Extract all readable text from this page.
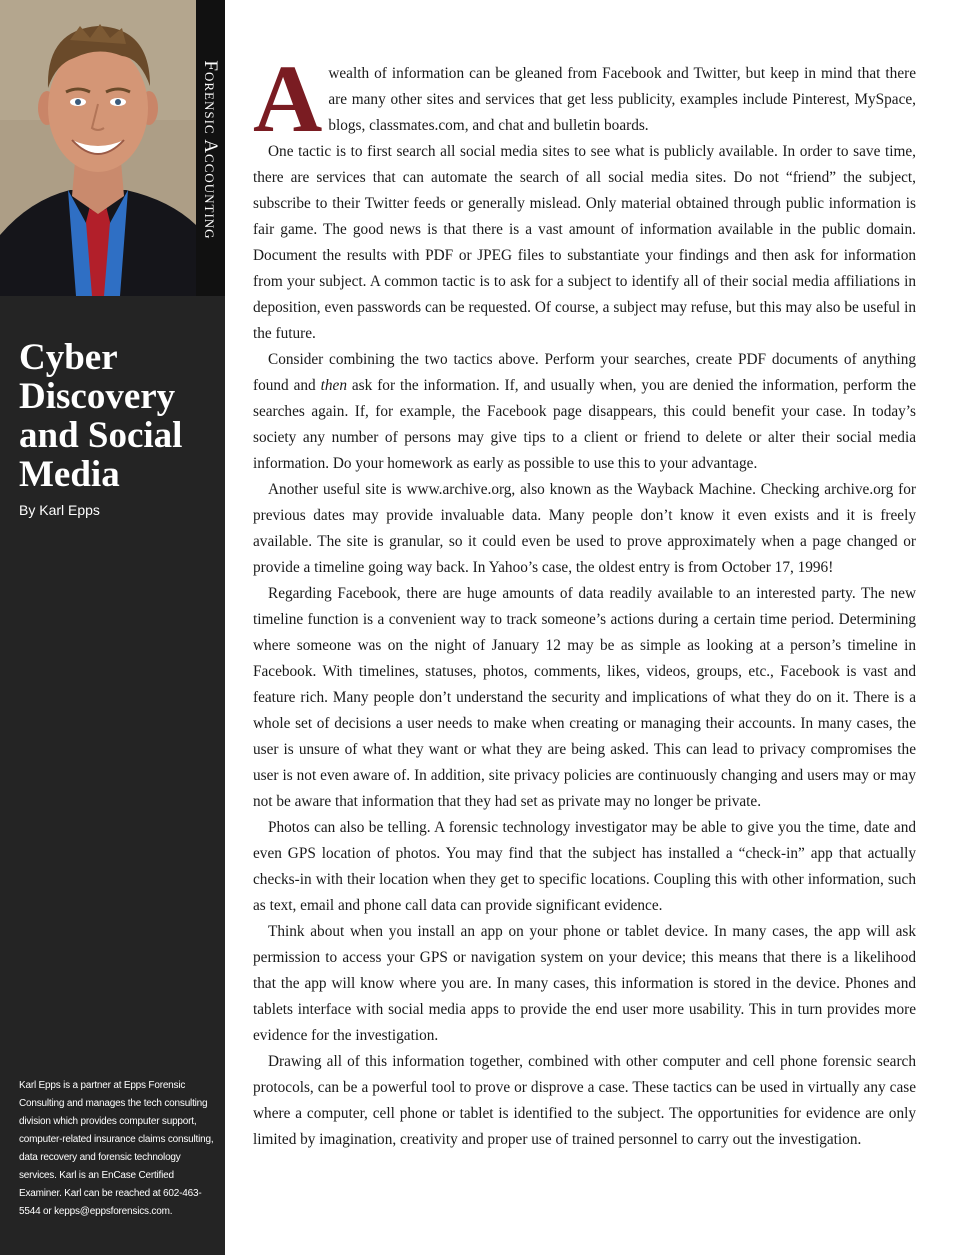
Forensic Accounting
Cyber Discovery and Social Media
By Karl Epps
Karl Epps is a partner at Epps Forensic Consulting and manages the tech consulting division which provides computer support, computer-related insurance claims consulting, data recovery and forensic technology services. Karl is an EnCase Certified Examiner. Karl can be reached at 602-463-5544 or kepps@eppsforensics.com.

Awealth of information can be gleaned from Facebook and Twitter, but keep in mind that there are many other sites and services that get less publicity, examples include Pinterest, MySpace, blogs, classmates.com, and chat and bulletin boards.

One tactic is to first search all social media sites to see what is publicly available. In order to save time, there are services that can automate the search of all social media sites. Do not “friend” the subject, subscribe to their Twitter feeds or generally mislead. Only material obtained through public information is fair game. The good news is that there is a vast amount of information available in the public domain. Document the results with PDF or JPEG files to substantiate your findings and then ask for information from your subject. A common tactic is to ask for a subject to identify all of their social media affiliations in deposition, even passwords can be requested. Of course, a subject may refuse, but this may also be useful in the future.

Consider combining the two tactics above. Perform your searches, create PDF documents of anything found and then ask for the information. If, and usually when, you are denied the information, perform the searches again. If, for example, the Facebook page disappears, this could benefit your case. In today’s society any number of persons may give tips to a client or friend to delete or alter their social media information. Do your homework as early as possible to use this to your advantage.

Another useful site is www.archive.org, also known as the Wayback Machine. Checking archive.org for previous dates may provide invaluable data. Many people don’t know it even exists and it is freely available. The site is granular, so it could even be used to prove approximately when a page changed or provide a timeline going way back. In Yahoo’s case, the oldest entry is from October 17, 1996!

Regarding Facebook, there are huge amounts of data readily available to an interested party. The new timeline function is a convenient way to track someone’s actions during a certain time period. Determining where someone was on the night of January 12 may be as simple as looking at a person’s timeline in Facebook. With timelines, statuses, photos, comments, likes, videos, groups, etc., Facebook is vast and feature rich. Many people don’t understand the security and implications of what they do on it. There is a whole set of decisions a user needs to make when creating or managing their accounts. In many cases, the user is unsure of what they want or what they are being asked. This can lead to privacy compromises the user is not even aware of. In addition, site privacy policies are continuously changing and users may or may not be aware that information that they had set as private may no longer be private.

Photos can also be telling. A forensic technology investigator may be able to give you the time, date and even GPS location of photos. You may find that the subject has installed a “check-in” app that actually checks-in with their location when they get to specific locations. Coupling this with other information, such as text, email and phone call data can provide significant evidence.

Think about when you install an app on your phone or tablet device. In many cases, the app will ask permission to access your GPS or navigation system on your device; this means that there is a likelihood that the app will know where you are. In many cases, this information is stored in the device. Phones and tablets interface with social media apps to provide the end user more usability. This in turn provides more evidence for the investigation.

Drawing all of this information together, combined with other computer and cell phone forensic search protocols, can be a powerful tool to prove or disprove a case. These tactics can be used in virtually any case where a computer, cell phone or tablet is identified to the subject. The opportunities for evidence are only limited by imagination, creativity and proper use of trained personnel to carry out the investigation.
